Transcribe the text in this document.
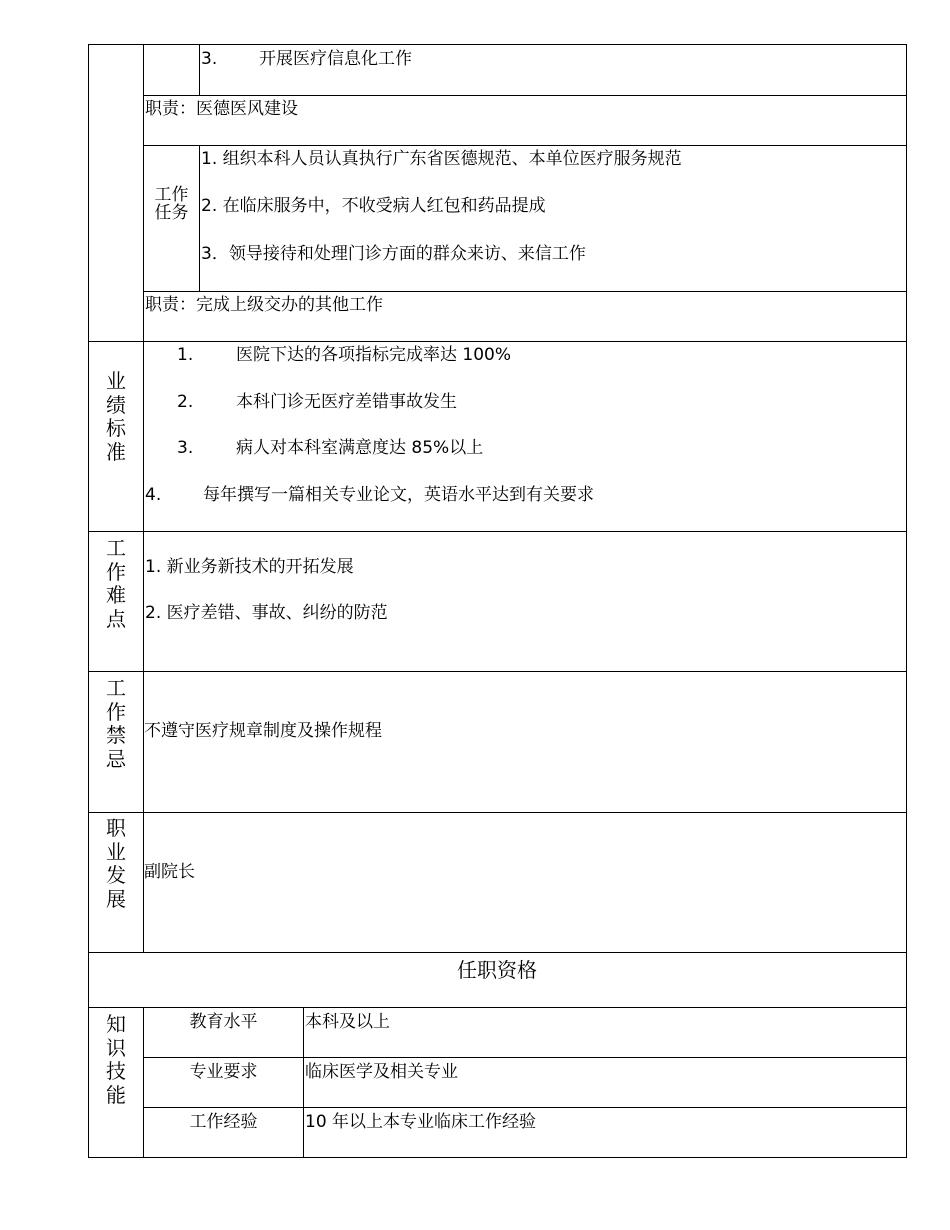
3. 开展医疗信息化工作
职责：医德医风建设
工作
任务
1. 组织本科人员认真执行广东省医德规范、本单位医疗服务规范
2. 在临床服务中，不收受病人红包和药品提成
3．领导接待和处理门诊方面的群众来访、来信工作
职责：完成上级交办的其他工作
业
绩
标
准
1.	医院下达的各项指标完成率达 100%
2.	本科门诊无医疗差错事故发生
3.	病人对本科室满意度达 85%以上
4. 每年撰写一篇相关专业论文，英语水平达到有关要求
工
作
难
点
1. 新业务新技术的开拓发展
2. 医疗差错、事故、纠纷的防范
工
作
禁
忌
不遵守医疗规章制度及操作规程
职
业
发
展
副院长
任职资格
知
识
技
能
教育水平	本科及以上
专业要求	临床医学及相关专业
工作经验	10 年以上本专业临床工作经验
